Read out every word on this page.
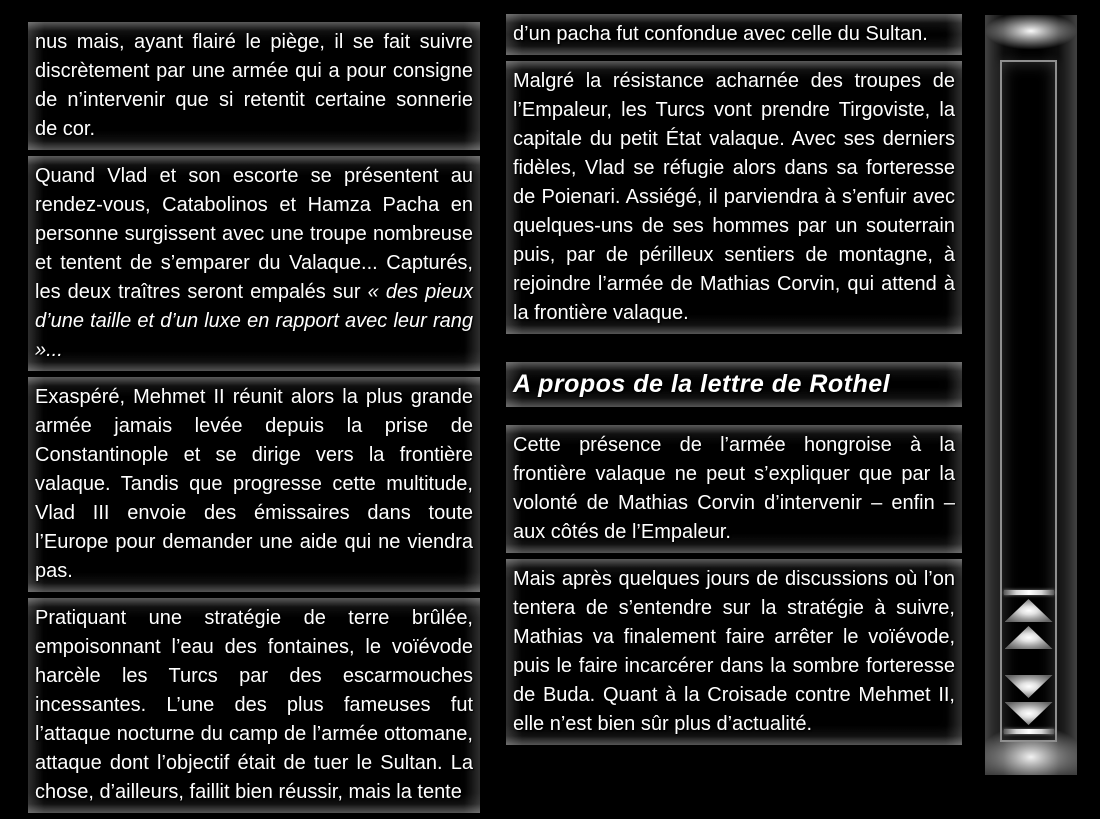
nus mais, ayant flairé le piège, il se fait suivre discrètement par une armée qui a pour consigne de n’intervenir que si retentit certaine sonnerie de cor.
Quand Vlad et son escorte se présentent au rendez-vous, Catabolinos et Hamza Pacha en personne surgissent avec une troupe nombreuse et tentent de s’emparer du Valaque... Capturés, les deux traîtres seront empalés sur « des pieux d’une taille et d’un luxe en rapport avec leur rang »...
Exaspéré, Mehmet II réunit alors la plus grande armée jamais levée depuis la prise de Constantinople et se dirige vers la frontière valaque. Tandis que progresse cette multitude, Vlad III envoie des émissaires dans toute l’Europe pour demander une aide qui ne viendra pas.
Pratiquant une stratégie de terre brûlée, empoisonnant l’eau des fontaines, le voïévode harcèle les Turcs par des escarmouches incessantes. L’une des plus fameuses fut l’attaque nocturne du camp de l’armée ottomane, attaque dont l’objectif était de tuer le Sultan. La chose, d’ailleurs, faillit bien réussir, mais la tente
d’un pacha fut confondue avec celle du Sultan.
Malgré la résistance acharnée des troupes de l’Empaleur, les Turcs vont prendre Tirgoviste, la capitale du petit État valaque. Avec ses derniers fidèles, Vlad se réfugie alors dans sa forteresse de Poienari. Assiégé, il parviendra à s’enfuir avec quelques-uns de ses hommes par un souterrain puis, par de périlleux sentiers de montagne, à rejoindre l’armée de Mathias Corvin, qui attend à la frontière valaque.
A propos de la lettre de Rothel
Cette présence de l’armée hongroise à la frontière valaque ne peut s’expliquer que par la volonté de Mathias Corvin d’intervenir – enfin – aux côtés de l’Empaleur.
Mais après quelques jours de discussions où l’on tentera de s’entendre sur la stratégie à suivre, Mathias va finalement faire arrêter le voïévode, puis le faire incarcérer dans la sombre forteresse de Buda. Quant à la Croisade contre Mehmet II, elle n’est bien sûr plus d’actualité.
